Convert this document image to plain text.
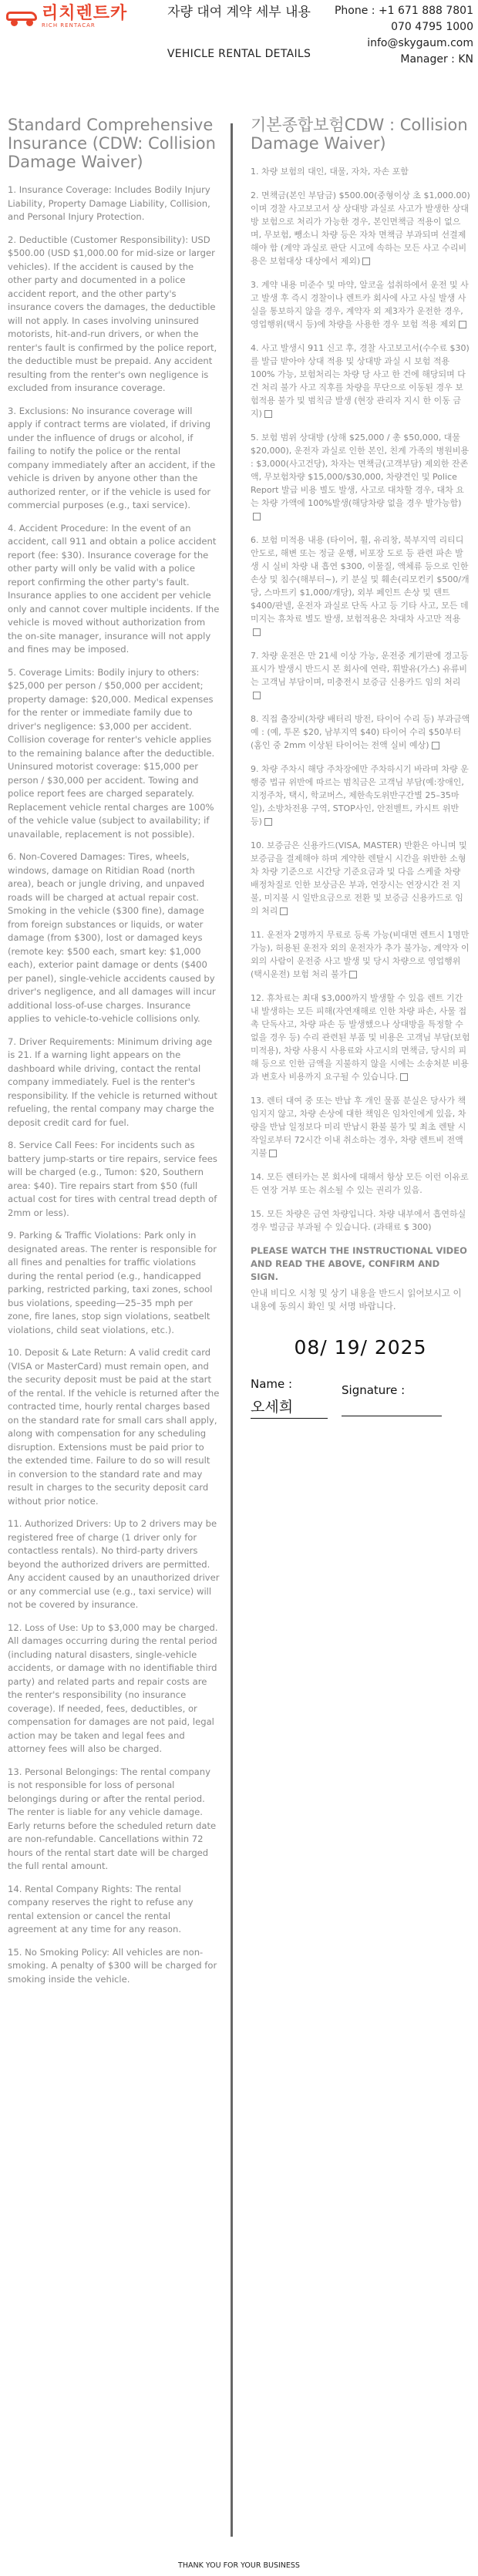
리치렌트카
RICH RENTACAR
자량 대여 계약 세부 내용
VEHICLE RENTAL DETAILS
Phone : +1 671 888 7801
070 4795 1000
info@skygaum.com
Manager : KN
Standard Comprehensive Insurance (CDW: Collision Damage Waiver)
1. Insurance Coverage: Includes Bodily Injury Liability, Property Damage Liability, Collision, and Personal Injury Protection.
2. Deductible (Customer Responsibility): USD $500.00 (USD $1,000.00 for mid-size or larger vehicles). If the accident is caused by the other party and documented in a police accident report, and the other party's insurance covers the damages, the deductible will not apply. In cases involving uninsured motorists, hit-and-run drivers, or when the renter's fault is confirmed by the police report, the deductible must be prepaid. Any accident resulting from the renter's own negligence is excluded from insurance coverage.
3. Exclusions: No insurance coverage will apply if contract terms are violated, if driving under the influence of drugs or alcohol, if failing to notify the police or the rental company immediately after an accident, if the vehicle is driven by anyone other than the authorized renter, or if the vehicle is used for commercial purposes (e.g., taxi service).
4. Accident Procedure: In the event of an accident, call 911 and obtain a police accident report (fee: $30). Insurance coverage for the other party will only be valid with a police report confirming the other party's fault. Insurance applies to one accident per vehicle only and cannot cover multiple incidents. If the vehicle is moved without authorization from the on-site manager, insurance will not apply and fines may be imposed.
5. Coverage Limits: Bodily injury to others: $25,000 per person / $50,000 per accident; property damage: $20,000. Medical expenses for the renter or immediate family due to driver's negligence: $3,000 per accident. Collision coverage for renter's vehicle applies to the remaining balance after the deductible. Uninsured motorist coverage: $15,000 per person / $30,000 per accident. Towing and police report fees are charged separately. Replacement vehicle rental charges are 100% of the vehicle value (subject to availability; if unavailable, replacement is not possible).
6. Non-Covered Damages: Tires, wheels, windows, damage on Ritidian Road (north area), beach or jungle driving, and unpaved roads will be charged at actual repair cost. Smoking in the vehicle ($300 fine), damage from foreign substances or liquids, or water damage (from $300), lost or damaged keys (remote key: $500 each, smart key: $1,000 each), exterior paint damage or dents ($400 per panel), single-vehicle accidents caused by driver's negligence, and all damages will incur additional loss-of-use charges. Insurance applies to vehicle-to-vehicle collisions only.
7. Driver Requirements: Minimum driving age is 21. If a warning light appears on the dashboard while driving, contact the rental company immediately. Fuel is the renter's responsibility. If the vehicle is returned without refueling, the rental company may charge the deposit credit card for fuel.
8. Service Call Fees: For incidents such as battery jump-starts or tire repairs, service fees will be charged (e.g., Tumon: $20, Southern area: $40). Tire repairs start from $50 (full actual cost for tires with central tread depth of 2mm or less).
9. Parking & Traffic Violations: Park only in designated areas. The renter is responsible for all fines and penalties for traffic violations during the rental period (e.g., handicapped parking, restricted parking, taxi zones, school bus violations, speeding—25–35 mph per zone, fire lanes, stop sign violations, seatbelt violations, child seat violations, etc.).
10. Deposit & Late Return: A valid credit card (VISA or MasterCard) must remain open, and the security deposit must be paid at the start of the rental. If the vehicle is returned after the contracted time, hourly rental charges based on the standard rate for small cars shall apply, along with compensation for any scheduling disruption. Extensions must be paid prior to the extended time. Failure to do so will result in conversion to the standard rate and may result in charges to the security deposit card without prior notice.
11. Authorized Drivers: Up to 2 drivers may be registered free of charge (1 driver only for contactless rentals). No third-party drivers beyond the authorized drivers are permitted. Any accident caused by an unauthorized driver or any commercial use (e.g., taxi service) will not be covered by insurance.
12. Loss of Use: Up to $3,000 may be charged. All damages occurring during the rental period (including natural disasters, single-vehicle accidents, or damage with no identifiable third party) and related parts and repair costs are the renter's responsibility (no insurance coverage). If needed, fees, deductibles, or compensation for damages are not paid, legal action may be taken and legal fees and attorney fees will also be charged.
13. Personal Belongings: The rental company is not responsible for loss of personal belongings during or after the rental period. The renter is liable for any vehicle damage. Early returns before the scheduled return date are non-refundable. Cancellations within 72 hours of the rental start date will be charged the full rental amount.
14. Rental Company Rights: The rental company reserves the right to refuse any rental extension or cancel the rental agreement at any time for any reason.
15. No Smoking Policy: All vehicles are non-smoking. A penalty of $300 will be charged for smoking inside the vehicle.
기본종합보험CDW : Collision Damage Waiver)
1. 차량 보험의 대인, 대물, 자차, 자손 포함
2. 면책금(본인 부담금) $500.00(중형이상 초 $1,000.00)이며 경찰 사고보고서 상 상대방 과실로 사고가 발생한 상대방 보험으로 처리가 가능한 경우, 본인면책금 적용이 없으며, 무보험, 뺑소니 차량 등은 자차 면책금 부과되며 선결제해야 함 (계약 과실로 판단 시고에 속하는 모든 사고 수리비용은 보험대상 대상에서 제외)
3. 계약 내용 미준수 및 마약, 알코올 섭취하에서 운전 및 사고 발생 후 즉시 경찰이나 렌트카 회사에 사고 사실 발생 사실을 통보하지 않을 경우, 계약자 외 제3자가 운전한 경우, 영업행위(택시 등)에 차량을 사용한 경우 보험 적용 제외
4. 사고 발생시 911 신고 후, 경찰 사고보고서(수수료 $30)를 발급 받아야 상대 적용 및 상대방 과실 시 보험 적용 100% 가능, 보험처리는 차량 당 사고 한 건에 해당되며 다건 처리 불가 사고 직후를 차량을 무단으로 이동된 경우 보험적용 불가 및 범칙금 발생 (현장 관리자 지시 한 이동 금지)
5. 보험 범위 상대방 (상해 $25,000 / 총 $50,000, 대물 $20,000), 운전자 과실로 인한 본인, 친계 가족의 병원비용 : $3,000(사고건당), 차자는 면책금(고객부담) 제외한 잔존액, 무보험차량 $15,000/$30,000, 차량견인 및 Police Report 발급 비용 별도 발생, 사고로 대차할 경우, 대차 요는 차량 가액에 100%발생(해당차량 없을 경우 발가능함)
6. 보험 미적용 내용 (타이어, 휠, 유리창, 북부지역 리티디안도로, 해변 또는 정글 운행, 비포장 도로 등 관련 파손 발생 시 실비 차량 내 흡연 $300, 이물질, 액체류 등으로 인한 손상 및 침수(해부터~), 키 분실 및 훼손(리모컨키 $500/개당, 스마트키 $1,000/개당), 외부 페인트 손상 및 덴트 $400/판넬, 운전자 과실로 단독 사고 등 기타 사고, 모든 데미지는 휴차료 별도 발생, 보험적용은 차대차 사고만 적용
7. 차량 운전은 만 21세 이상 가능, 운전중 계기판에 경고등 표시가 발생시 반드시 본 회사에 연락, 휘발유(가스) 유류비는 고객님 부담이며, 미충전시 보증금 신용카드 임의 처리
8. 직접 출장비(차량 배터리 방전, 타이어 수리 등) 부과금액 예 : (예, 투몬 $20, 남부지역 $40) 타이어 수리 $50부터 (홈인 중 2mm 이상된 타이어는 전액 실비 예상)
9. 차량 주차시 해당 주차장에만 주차하시기 바라며 차량 운행중 법규 위반에 따르는 범칙금은 고객님 부담(예:장애인, 지정주차, 택시, 학교버스, 제한속도위반구간별 25–35마일), 소방차전용 구역, STOP사인, 안전벨트, 카시트 위반 등)
10. 보증금은 신용카드(VISA, MASTER) 반환은 아니며 및 보증금을 결제해야 하며 계약한 렌탈시 시간을 위반한 소형차 차량 기준으로 시간당 기준요금과 및 다음 스케쥴 차량 배정차질로 인한 보상금은 부과, 연장시는 연장시간 전 지불, 미지불 시 일반요금으로 전환 및 보증금 신용카드로 임의 처리
11. 운전자 2명까지 무료로 등록 가능(비대면 렌트시 1명만 가능), 허용된 운전자 외의 운전자가 추가 불가능, 계약자 이외의 사람이 운전중 사고 발생 및 당시 차량으로 영업행위(택시운전) 보험 처리 불가
12. 휴차료는 최대 $3,000까지 발생할 수 있음 렌트 기간 내 발생하는 모든 피해(자연재해로 인한 차량 파손, 사물 접촉 단독사고, 차량 파손 등 발생했으나 상대방을 특정할 수 없을 경우 등) 수리 관련된 부품 및 비용은 고객님 부담(보험 미적용), 차량 사용시 사용료와 사고시의 면책금, 당시의 피해 등으로 인한 금액을 지불하지 않을 시에는 소송처분 비용과 변호사 비용까지 요구될 수 있습니다.
13. 렌터 대여 중 또는 반납 후 개인 물품 분실은 당사가 책임지지 않고, 차량 손상에 대한 책임은 임차인에게 있음, 차량을 반납 일정보다 미리 반납시 환불 불가 및 최초 렌탈 시작일로부터 72시간 이내 취소하는 경우, 차량 렌트비 전액 지불
14. 모든 렌터카는 본 회사에 대해서 항상 모든 이런 이유로든 연장 거부 또는 취소될 수 있는 권리가 있음.
15. 모든 차량은 금연 차량입니다. 차량 내부에서 흡연하실 경우 벌금금 부과될 수 있습니다. (과태료 $ 300)
PLEASE WATCH THE INSTRUCTIONAL VIDEO AND READ THE ABOVE, CONFIRM AND SIGN.
안내 비디오 시청 및 상기 내용을 반드시 읽어보시고 이 내용에 동의시 확인 및 서명 바랍니다.
08/ 19/ 2025
Name :
오세희
Signature :
THANK YOU FOR YOUR BUSINESS
